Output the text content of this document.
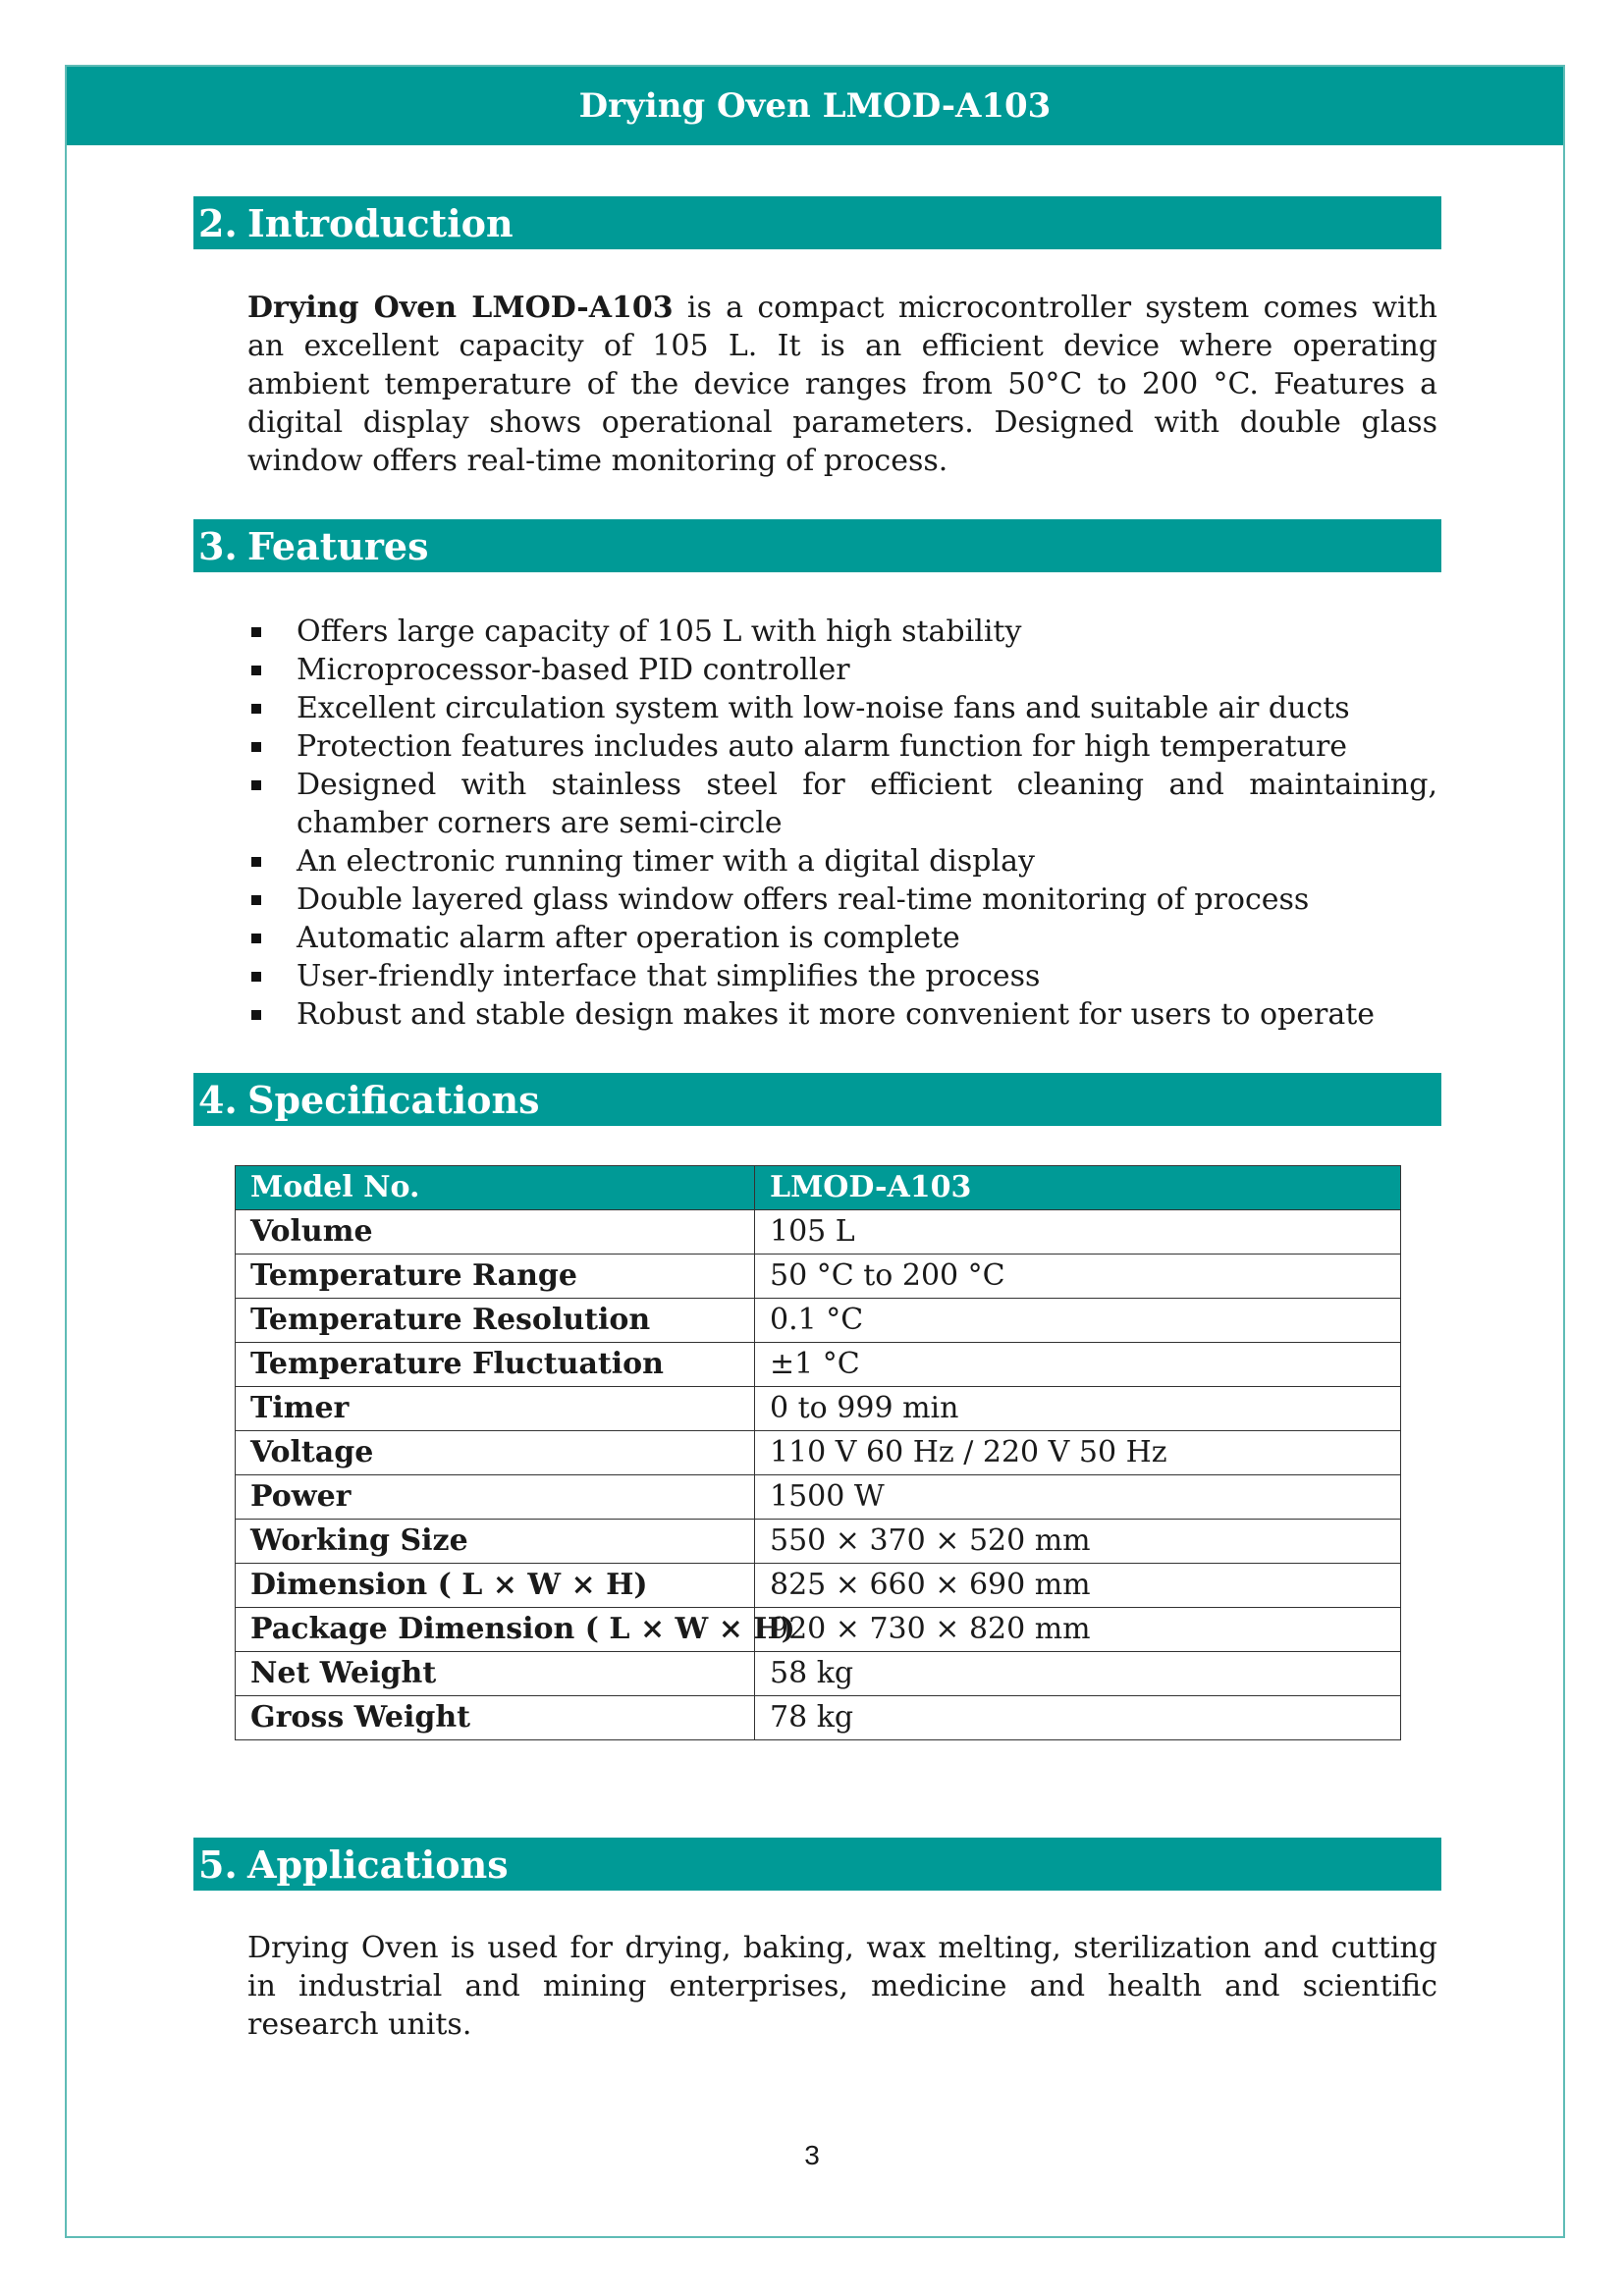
Drying Oven LMOD-A103
2. Introduction

Drying Oven LMOD-A103 is a compact microcontroller system comes with an excellent capacity of 105 L. It is an efficient device where operating ambient temperature of the device ranges from 50°C to 200 °C. Features a digital display shows operational parameters. Designed with double glass window offers real-time monitoring of process.

3. Features
Offers large capacity of 105 L with high stability
Microprocessor-based PID controller
Excellent circulation system with low-noise fans and suitable air ducts
Protection features includes auto alarm function for high temperature
Designed with stainless steel for efficient cleaning and maintaining, chamber corners are semi-circle
An electronic running timer with a digital display
Double layered glass window offers real-time monitoring of process
Automatic alarm after operation is complete
User-friendly interface that simplifies the process
Robust and stable design makes it more convenient for users to operate
4. Specifications
Model No.	LMOD-A103
Volume	105 L
Temperature Range	50 °C to 200 °C
Temperature Resolution	0.1 °C
Temperature Fluctuation	±1 °C
Timer	0 to 999 min
Voltage	110 V 60 Hz / 220 V 50 Hz
Power	1500 W
Working Size	550 × 370 × 520 mm
Dimension ( L × W × H)	825 × 660 × 690 mm
Package Dimension ( L × W × H)	920 × 730 × 820 mm
Net Weight	58 kg
Gross Weight	78 kg
5. Applications

Drying Oven is used for drying, baking, wax melting, sterilization and cutting in industrial and mining enterprises, medicine and health and scientific research units.

3
